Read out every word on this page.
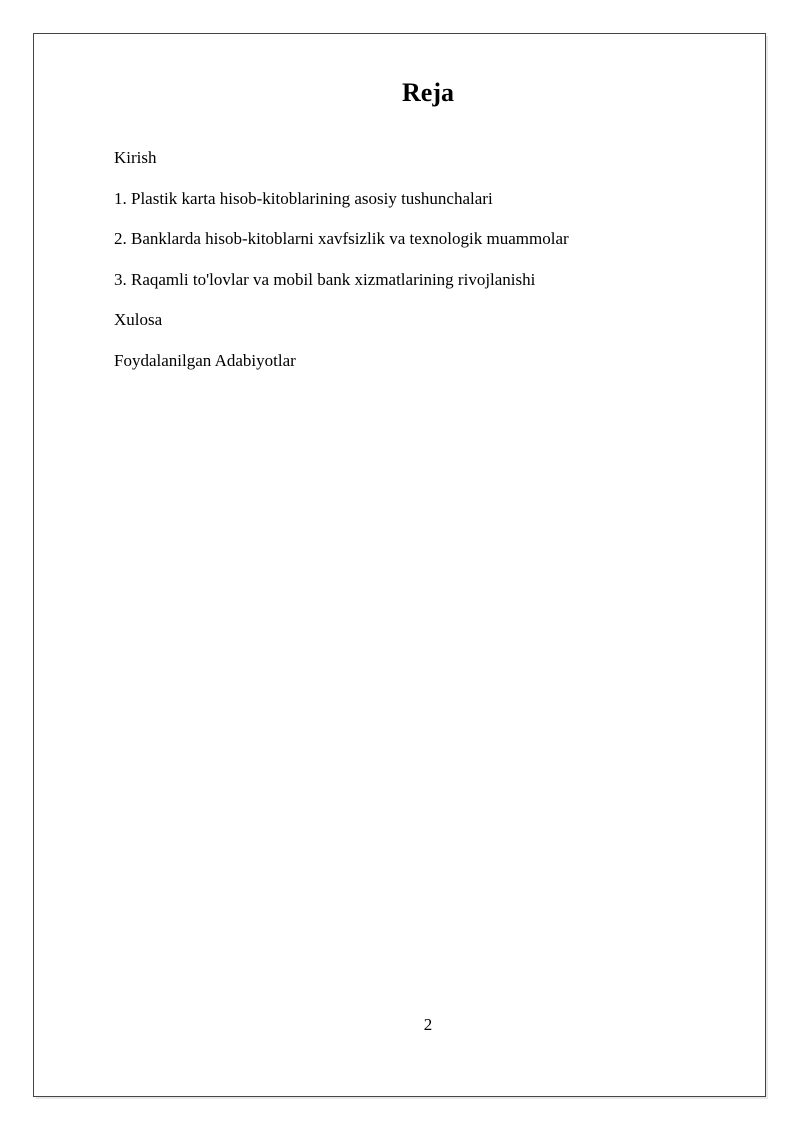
Reja
Kirish
1. Plastik karta hisob-kitoblarining asosiy tushunchalari
2. Banklarda hisob-kitoblarni xavfsizlik va texnologik muammolar
3. Raqamli to'lovlar va mobil bank xizmatlarining rivojlanishi
Xulosa
Foydalanilgan Adabiyotlar
2
